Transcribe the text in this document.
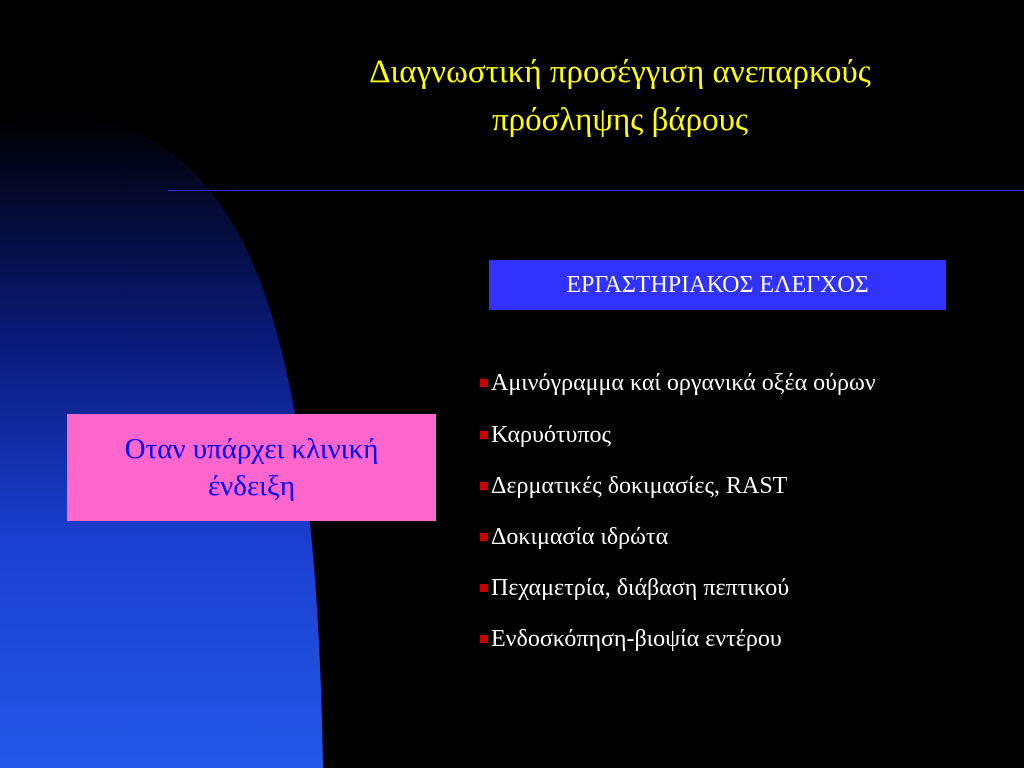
Διαγνωστική προσέγγιση ανεπαρκούς
πρόσληψης βάρους
ΕΡΓΑΣΤΗΡΙΑΚΟΣ ΕΛΕΓΧΟΣ
Οταν υπάρχει κλινική
ένδειξη
Αμινόγραμμα καί οργανικά οξέα ούρων
Καρυότυπος
Δερματικές δοκιμασίες, RAST
Δοκιμασία ιδρώτα
Πεχαμετρία, διάβαση πεπτικού
Ενδοσκόπηση-βιοψία εντέρου
